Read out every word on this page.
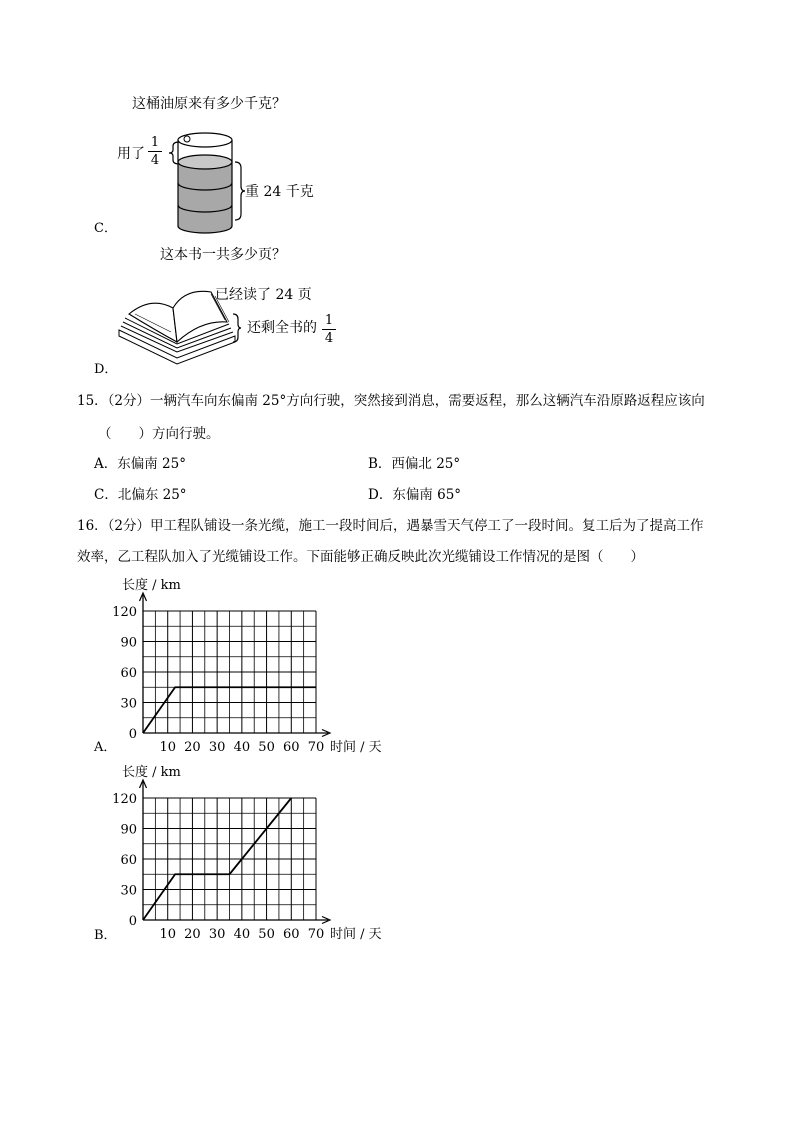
这桶油原来有多少千克？
用了
1
4
重 24 千克
C．
这本书一共多少页？
已经读了 24 页
还剩全书的 1
4
D．
15．（2分）一辆汽车向东偏南 25°方向行驶，突然接到消息，需要返程，那么这辆汽车沿原路返程应该向
（　　）方向行驶。
A．东偏南 25°	B．西偏北 25°
C．北偏东 25°	D．东偏南 65°
16．（2分）甲工程队铺设一条光缆，施工一段时间后，遇暴雪天气停工了一段时间。复工后为了提高工作
效率，乙工程队加入了光缆铺设工作。下面能够正确反映此次光缆铺设工作情况的是图（　　）
0
30
60
90
120
10 20 30 40 50 60 70
长度 / km
时间 / 天
A．
0
30
60
90
120
10 20 30 40 50 60 70
长度 / km
时间 / 天
B．
